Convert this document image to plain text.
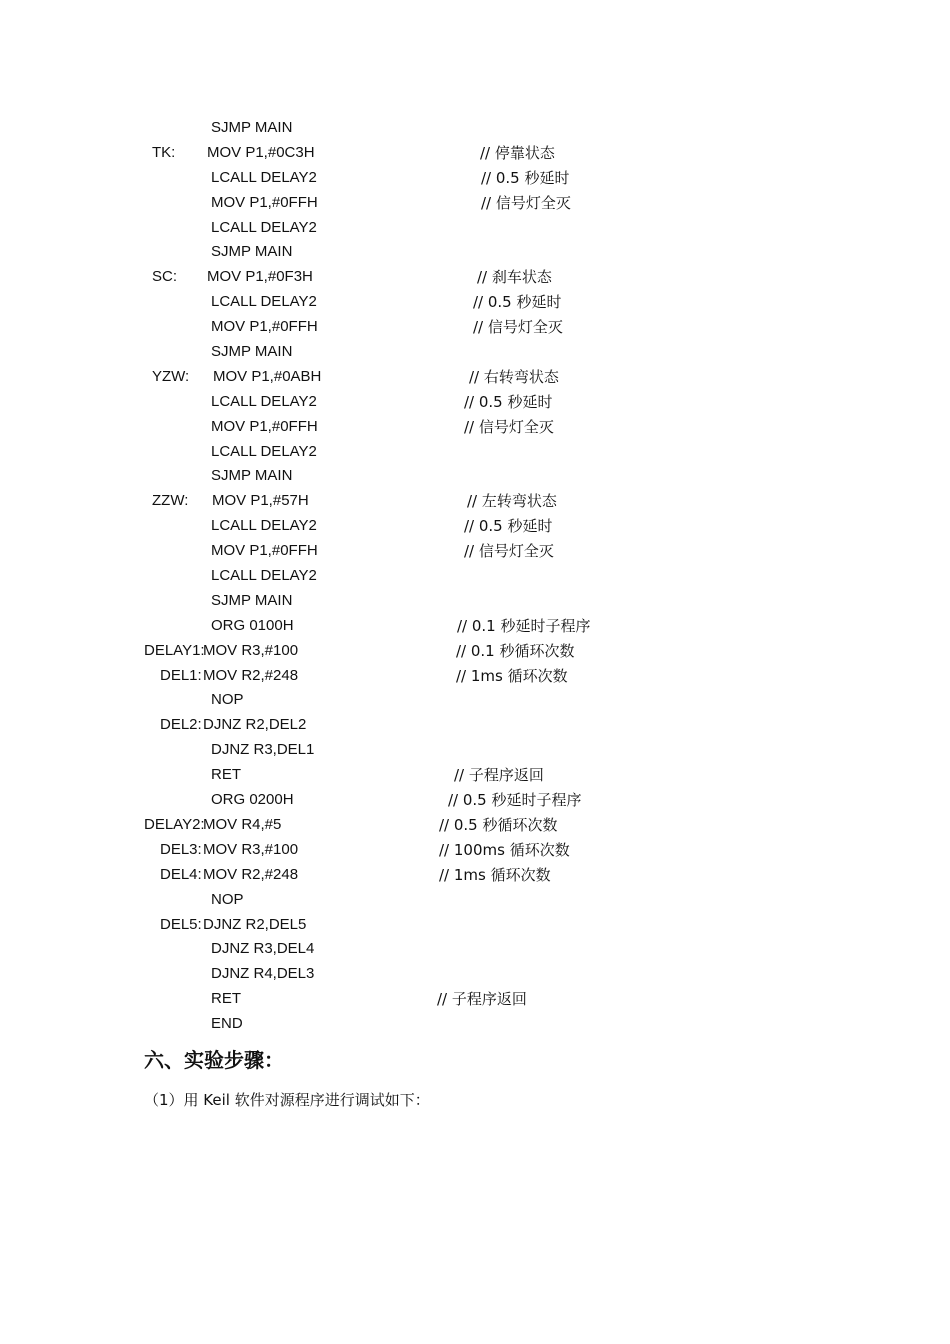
SJMP MAIN
TK: MOV P1,#0C3H	// 停靠状态
LCALL DELAY2	// 0.5 秒延时
MOV P1,#0FFH	// 信号灯全灭
LCALL DELAY2
SJMP MAIN
SC: MOV P1,#0F3H	// 刹车状态
LCALL DELAY2	// 0.5 秒延时
MOV P1,#0FFH	// 信号灯全灭
SJMP MAIN
YZW: MOV P1,#0ABH	// 右转弯状态
LCALL DELAY2	// 0.5 秒延时
MOV P1,#0FFH	// 信号灯全灭
LCALL DELAY2
SJMP MAIN
ZZW: MOV P1,#57H	// 左转弯状态
LCALL DELAY2	// 0.5 秒延时
MOV P1,#0FFH	// 信号灯全灭
LCALL DELAY2
SJMP MAIN
ORG 0100H	// 0.1 秒延时子程序
DELAY1:
MOV R3,#100	// 0.1 秒循环次数
DEL1: MOV R2,#248	// 1ms 循环次数
NOP
DEL2: DJNZ R2,DEL2
DJNZ R3,DEL1
RET	// 子程序返回
ORG 0200H	// 0.5 秒延时子程序
DELAY2:
MOV R4,#5	// 0.5 秒循环次数
DEL3: MOV R3,#100	// 100ms 循环次数
DEL4: MOV R2,#248	// 1ms 循环次数
NOP
DEL5: DJNZ R2,DEL5
DJNZ R3,DEL4
DJNZ R4,DEL3
RET	// 子程序返回
END
六、实验步骤：
（1）用 Keil 软件对源程序进行调试如下：
